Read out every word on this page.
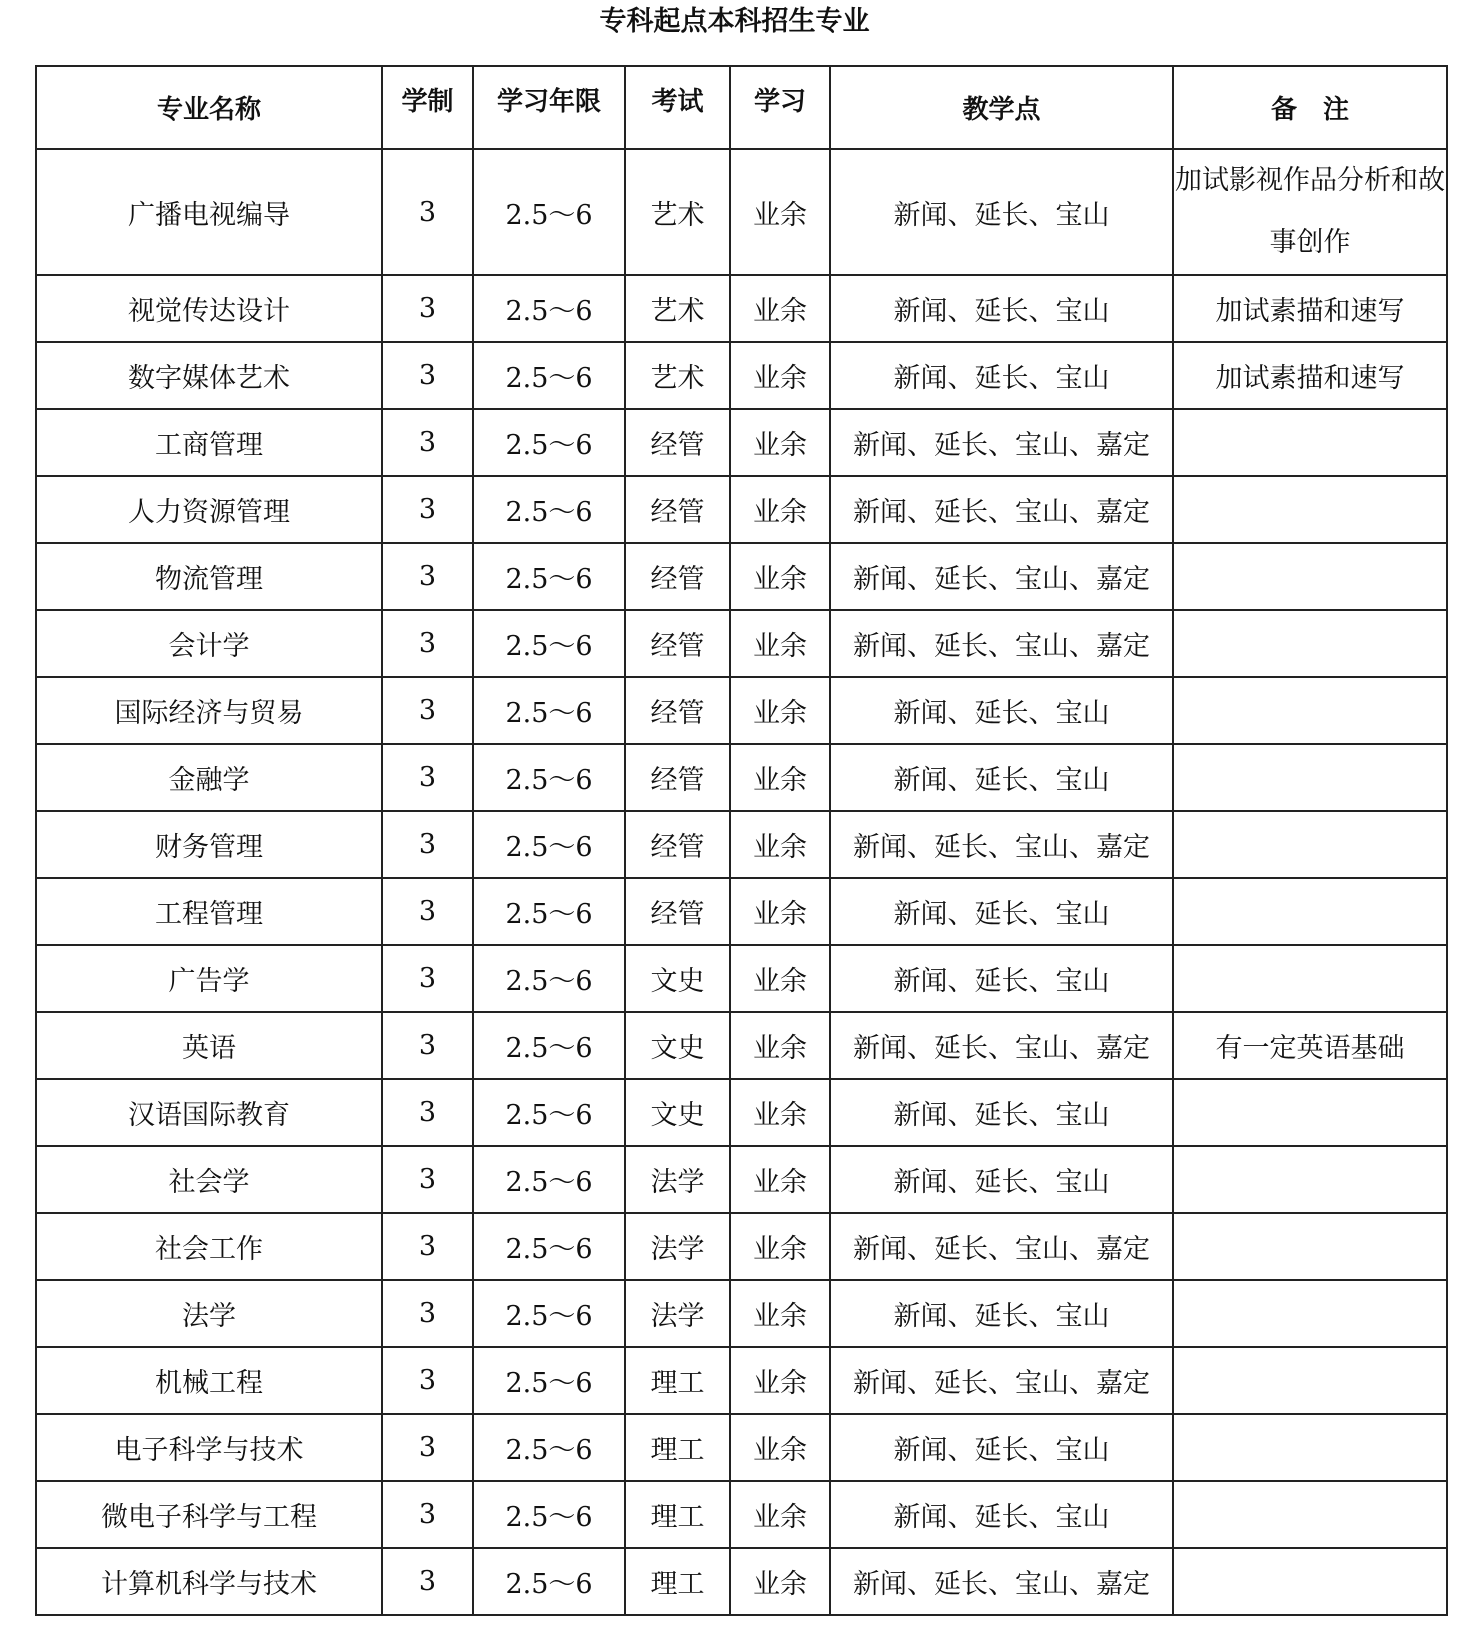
专科起点本科招生专业
专业名称	学制	学习年限	考试	学习	教学点	备　注
广播电视编导	3	2.5～6	艺术	业余	新闻、延长、宝山	加试影视作品分析和故事创作
视觉传达设计	3	2.5～6	艺术	业余	新闻、延长、宝山	加试素描和速写
数字媒体艺术	3	2.5～6	艺术	业余	新闻、延长、宝山	加试素描和速写
工商管理	3	2.5～6	经管	业余	新闻、延长、宝山、嘉定	
人力资源管理	3	2.5～6	经管	业余	新闻、延长、宝山、嘉定	
物流管理	3	2.5～6	经管	业余	新闻、延长、宝山、嘉定	
会计学	3	2.5～6	经管	业余	新闻、延长、宝山、嘉定	
国际经济与贸易	3	2.5～6	经管	业余	新闻、延长、宝山	
金融学	3	2.5～6	经管	业余	新闻、延长、宝山	
财务管理	3	2.5～6	经管	业余	新闻、延长、宝山、嘉定	
工程管理	3	2.5～6	经管	业余	新闻、延长、宝山	
广告学	3	2.5～6	文史	业余	新闻、延长、宝山	
英语	3	2.5～6	文史	业余	新闻、延长、宝山、嘉定	有一定英语基础
汉语国际教育	3	2.5～6	文史	业余	新闻、延长、宝山	
社会学	3	2.5～6	法学	业余	新闻、延长、宝山	
社会工作	3	2.5～6	法学	业余	新闻、延长、宝山、嘉定	
法学	3	2.5～6	法学	业余	新闻、延长、宝山	
机械工程	3	2.5～6	理工	业余	新闻、延长、宝山、嘉定	
电子科学与技术	3	2.5～6	理工	业余	新闻、延长、宝山	
微电子科学与工程	3	2.5～6	理工	业余	新闻、延长、宝山	
计算机科学与技术	3	2.5～6	理工	业余	新闻、延长、宝山、嘉定	
